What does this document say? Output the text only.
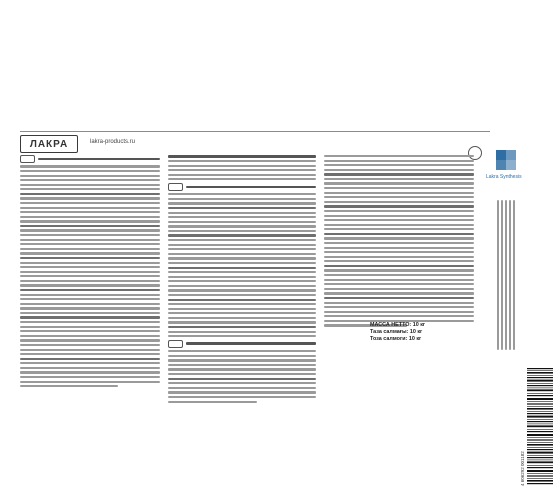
ЛАКРА	lakra-products.ru
Lakra Synthesis
МАССА НЕТТО: 10 кг
Таза салмағы: 10 кг
Тоза салмоги: 10 кг
4 606292 001182
